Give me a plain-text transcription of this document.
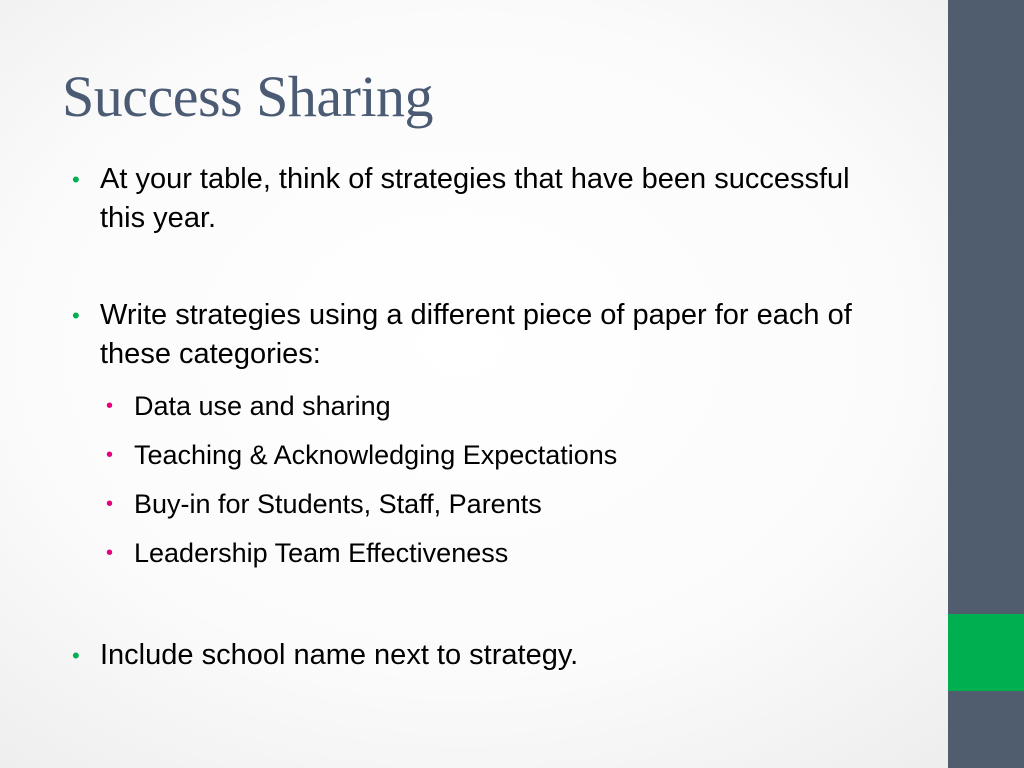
Success Sharing
• At your table, think of strategies that have been successful this year.
• Write strategies using a different piece of paper for each of these categories:
• Data use and sharing
• Teaching & Acknowledging Expectations
• Buy-in for Students, Staff, Parents
• Leadership Team Effectiveness
• Include school name next to strategy.
